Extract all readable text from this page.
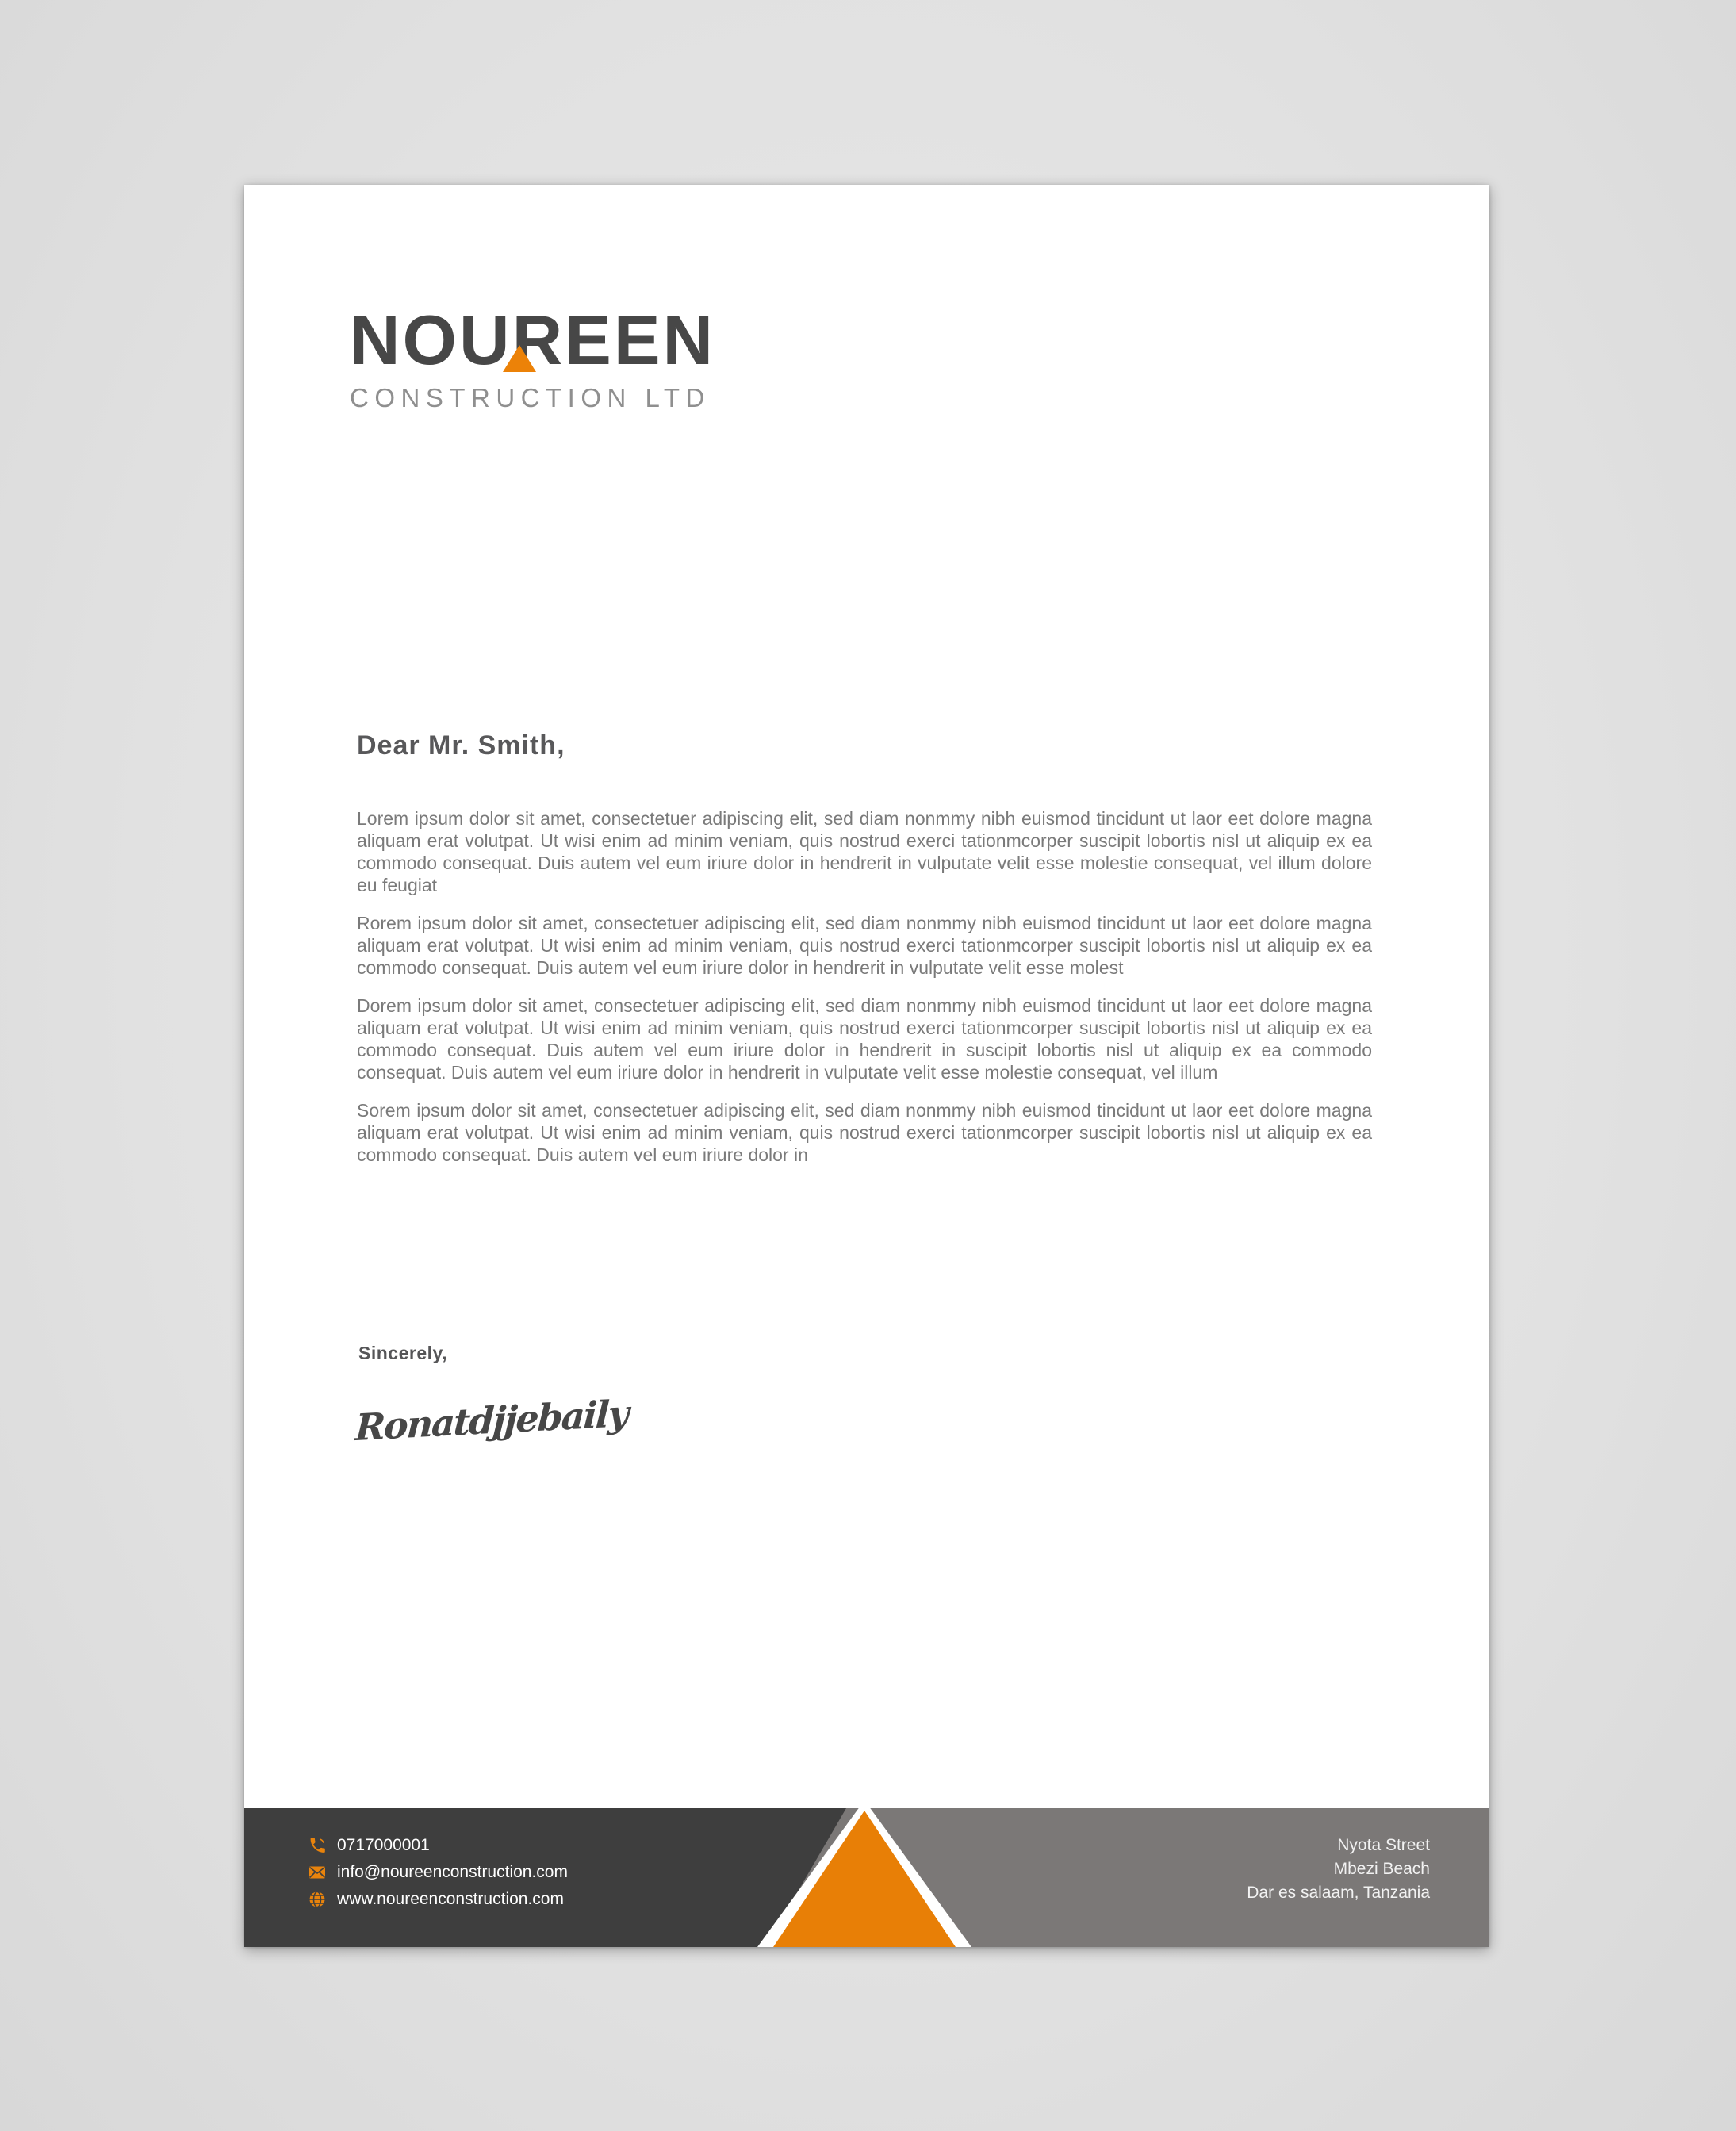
NOUR
EEN
CONSTRUCTION LTD
Dear Mr. Smith,

Lorem ipsum dolor sit amet, consectetuer adipiscing elit, sed diam nonmmy nibh euismod tincidunt ut laor eet dolore magna aliquam erat volutpat. Ut wisi enim ad minim veniam, quis nostrud exerci tationmcorper suscipit lobortis nisl ut aliquip ex ea commodo consequat. Duis autem vel eum iriure dolor in hendrerit in vulputate velit esse molestie consequat, vel illum dolore eu feugiat

Rorem ipsum dolor sit amet, consectetuer adipiscing elit, sed diam nonmmy nibh euismod tincidunt ut laor eet dolore magna aliquam erat volutpat. Ut wisi enim ad minim veniam, quis nostrud exerci tationmcorper suscipit lobortis nisl ut aliquip ex ea commodo consequat. Duis autem vel eum iriure dolor in hendrerit in vulputate velit esse molest

Dorem ipsum dolor sit amet, consectetuer adipiscing elit, sed diam nonmmy nibh euismod tincidunt ut laor eet dolore magna aliquam erat volutpat. Ut wisi enim ad minim veniam, quis nostrud exerci tationmcorper suscipit lobortis nisl ut aliquip ex ea commodo consequat. Duis autem vel eum iriure dolor in hendrerit in suscipit lobortis nisl ut aliquip ex ea commodo consequat. Duis autem vel eum iriure dolor in hendrerit in vulputate velit esse molestie consequat, vel illum

Sorem ipsum dolor sit amet, consectetuer adipiscing elit, sed diam nonmmy nibh euismod tincidunt ut laor eet dolore magna aliquam erat volutpat. Ut wisi enim ad minim veniam, quis nostrud exerci tationmcorper suscipit lobortis nisl ut aliquip ex ea commodo consequat. Duis autem vel eum iriure dolor in

Sincerely,
Ronatdjjebaily
0717000001
info@noureenconstruction.com
www.noureenconstruction.com
Nyota Street
Mbezi Beach
Dar es salaam, Tanzania
